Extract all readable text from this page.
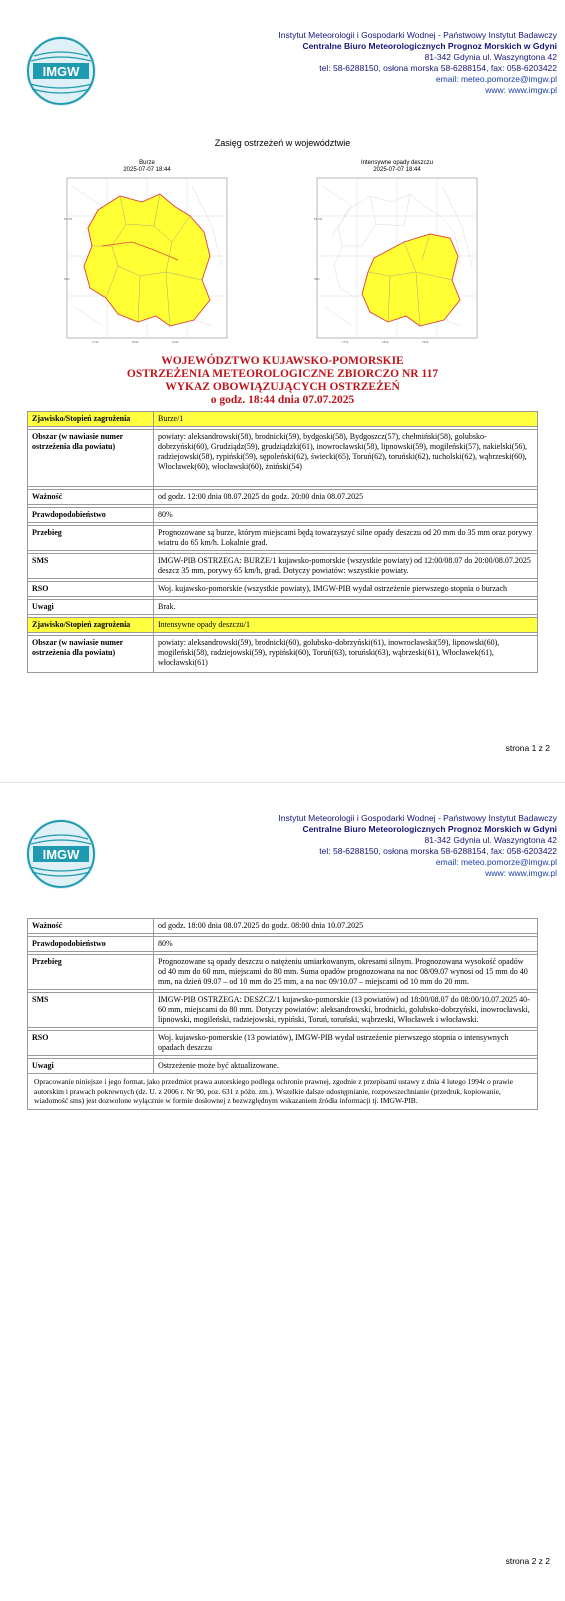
IMGW
Instytut Meteorologii i Gospodarki Wodnej - Państwowy Instytut Badawczy
Centralne Biuro Meteorologicznych Prognoz Morskich w Gdyni
81-342 Gdynia ul. Waszyngtona 42
tel: 58-6288150, osłona morska 58-6288154, fax: 058-6203422
email: meteo.pomorze@imgw.pl
www: www.imgw.pl
Zasięg ostrzeżeń w województwie
Burze
2025-07-07 18:44
53.5N
53N
17°E	18°E	19°E
Intensywne opady deszczu
2025-07-07 18:44
53.5N
53N
17°E	18°E	19°E
WOJEWÓDZTWO KUJAWSKO-POMORSKIE
OSTRZEŻENIA METEOROLOGICZNE ZBIORCZO NR 117
WYKAZ OBOWIĄZUJĄCYCH OSTRZEŻEŃ
o godz. 18:44 dnia 07.07.2025
Zjawisko/Stopień zagrożenia	Burze/1

Obszar (w nawiasie numer ostrzeżenia dla powiatu)	powiaty: aleksandrowski(58), brodnicki(59), bydgoski(58), Bydgoszcz(57), chełmiński(58), golubsko-dobrzyński(60), Grudziądz(59), grudziądzki(61), inowrocławski(58), lipnowski(59), mogileński(57), nakielski(56), radziejowski(58), rypiński(59), sępoleński(62), świecki(65), Toruń(62), toruński(62), tucholski(62), wąbrzeski(60), Włocławek(60), włocławski(60), żniński(54)

Ważność	od godz. 12:00 dnia 08.07.2025 do godz. 20:00 dnia 08.07.2025

Prawdopodobieństwo	80%

Przebieg	Prognozowane są burze, którym miejscami będą towarzyszyć silne opady deszczu od 20 mm do 35 mm oraz porywy wiatru do 65 km/h. Lokalnie grad.

SMS	IMGW-PIB OSTRZEGA: BURZE/1 kujawsko-pomorskie (wszystkie powiaty) od 12:00/08.07 do 20:00/08.07.2025 deszcz 35 mm, porywy 65 km/h, grad. Dotyczy powiatów: wszystkie powiaty.

RSO	Woj. kujawsko-pomorskie (wszystkie powiaty), IMGW-PIB wydał ostrzeżenie pierwszego stopnia o burzach

Uwagi	Brak.

Zjawisko/Stopień zagrożenia	Intensywne opady deszczu/1

Obszar (w nawiasie numer ostrzeżenia dla powiatu)	powiaty: aleksandrowski(59), brodnicki(60), golubsko-dobrzyński(61), inowrocławski(59), lipnowski(60), mogileński(58), radziejowski(59), rypiński(60), Toruń(63), toruński(63), wąbrzeski(61), Włocławek(61), włocławski(61)
strona 1 z 2
IMGW
Instytut Meteorologii i Gospodarki Wodnej - Państwowy Instytut Badawczy
Centralne Biuro Meteorologicznych Prognoz Morskich w Gdyni
81-342 Gdynia ul. Waszyngtona 42
tel: 58-6288150, osłona morska 58-6288154, fax: 058-6203422
email: meteo.pomorze@imgw.pl
www: www.imgw.pl
Ważność	od godz. 18:00 dnia 08.07.2025 do godz. 08:00 dnia 10.07.2025

Prawdopodobieństwo	80%

Przebieg	Prognozowane są opady deszczu o natężeniu umiarkowanym, okresami silnym. Prognozowana wysokość opadów od 40 mm do 60 mm, miejscami do 80 mm. Suma opadów prognozowana na noc 08/09.07 wynosi od 15 mm do 40 mm, na dzień 09.07 – od 10 mm do 25 mm, a na noc 09/10.07 – miejscami od 10 mm do 20 mm.

SMS	IMGW-PIB OSTRZEGA: DESZCZ/1 kujawsko-pomorskie (13 powiatów) od 18:00/08.07 do 08:00/10.07.2025 40-60 mm, miejscami do 80 mm. Dotyczy powiatów: aleksandrowski, brodnicki, golubsko-dobrzyński, inowrocławski, lipnowski, mogileński, radziejowski, rypiński, Toruń, toruński, wąbrzeski, Włocławek i włocławski.

RSO	Woj. kujawsko-pomorskie (13 powiatów), IMGW-PIB wydał ostrzeżenie pierwszego stopnia o intensywnych opadach deszczu

Uwagi	Ostrzeżenie może być aktualizowane.
Opracowanie niniejsze i jego format, jako przedmiot prawa autorskiego podlega ochronie prawnej, zgodnie z przepisami ustawy z dnia 4 lutego 1994r o prawie autorskim i prawach pokrewnych (dz. U. z 2006 r. Nr 90, poz. 631 z późn. zm.). Wszelkie dalsze udostępnianie, rozpowszechnianie (przedruk, kopiowanie, wiadomość sms) jest dozwolone wyłącznie w formie dosłownej z bezwzględnym wskazaniem źródła informacji tj. IMGW-PIB.	
strona 2 z 2
